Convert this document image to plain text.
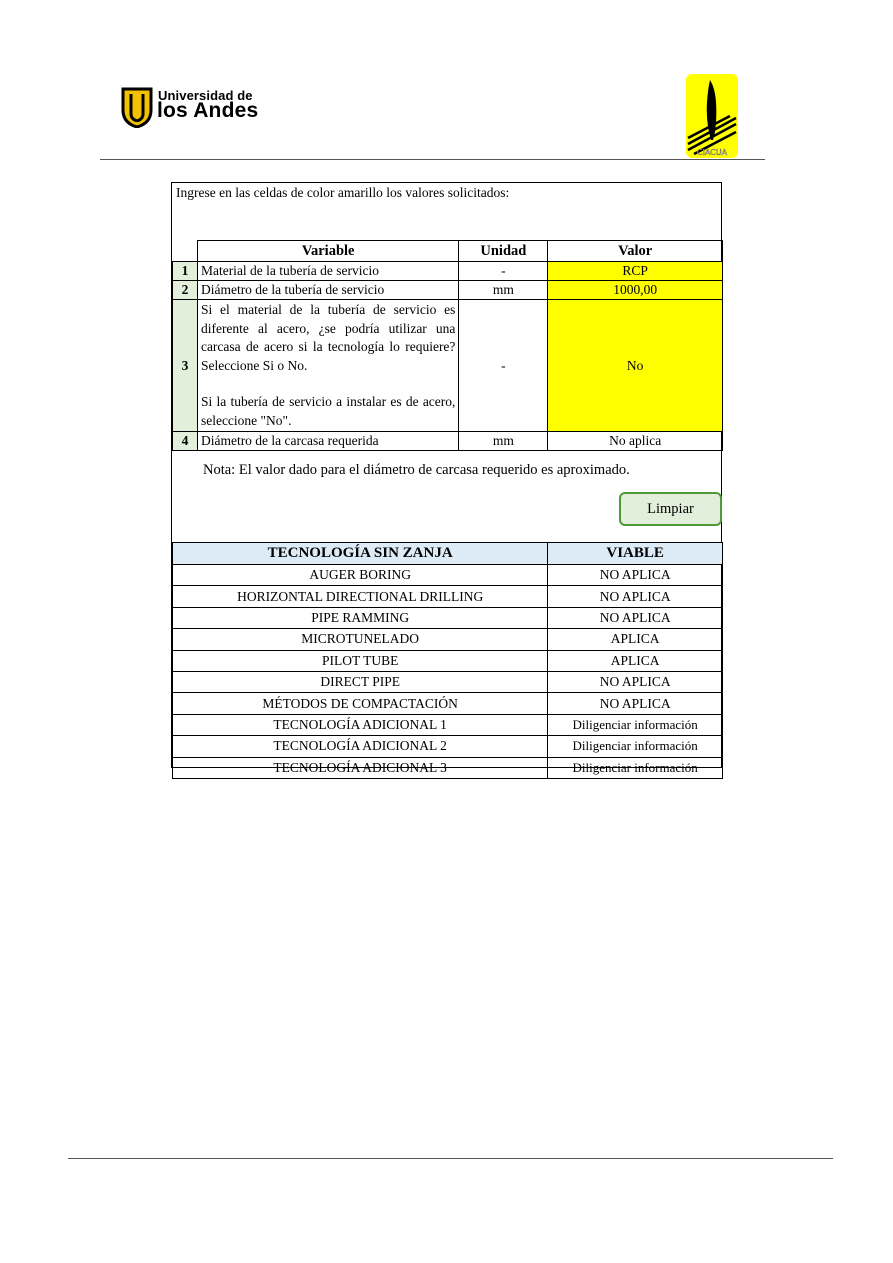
Universidad de
los Andes
CIACUA
Ingrese en las celdas de color amarillo los valores solicitados:
	Variable	Unidad	Valor
1	Material de la tubería de servicio	-	RCP
2	Diámetro de la tubería de servicio	mm	1000,00
3	Si el material de la tubería de servicio es diferente al acero, ¿se podría utilizar una carcasa de acero si la tecnología lo requiere? Seleccione Si o No.
Si la tubería de servicio a instalar es de acero, seleccione "No".	-	No
4	Diámetro de la carcasa requerida	mm	No aplica
Nota: El valor dado para el diámetro de carcasa requerido es aproximado.
Limpiar
TECNOLOGÍA SIN ZANJA	VIABLE
AUGER BORING	NO APLICA
HORIZONTAL DIRECTIONAL DRILLING	NO APLICA
PIPE RAMMING	NO APLICA
MICROTUNELADO	APLICA
PILOT TUBE	APLICA
DIRECT PIPE	NO APLICA
MÉTODOS DE COMPACTACIÓN	NO APLICA
TECNOLOGÍA ADICIONAL 1	Diligenciar información
TECNOLOGÍA ADICIONAL 2	Diligenciar información
TECNOLOGÍA ADICIONAL 3	Diligenciar información
